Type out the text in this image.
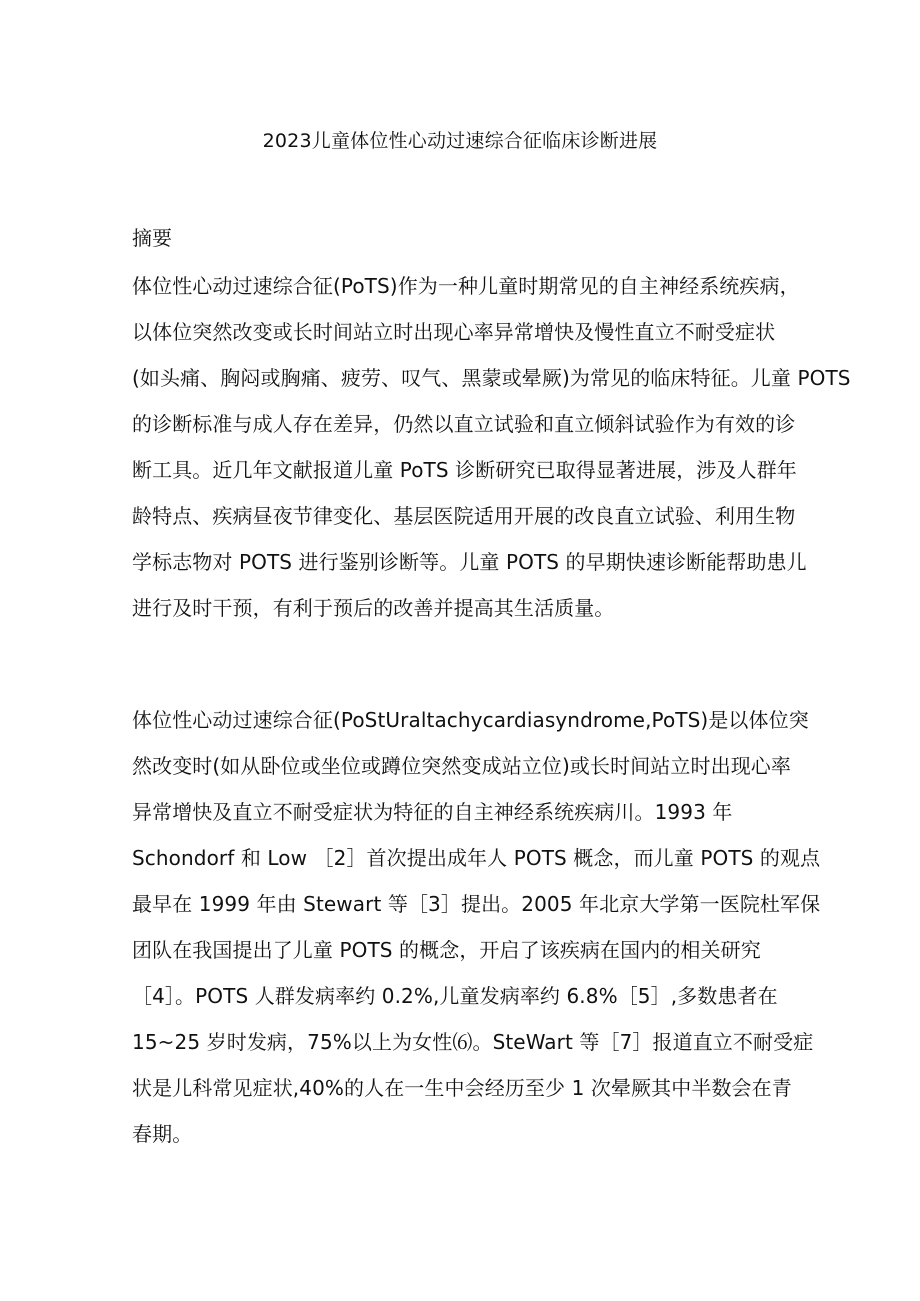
2023儿童体位性心动过速综合征临床诊断进展
摘要
体位性心动过速综合征(PoTS)作为一种儿童时期常见的自主神经系统疾病，
以体位突然改变或长时间站立时出现心率异常增快及慢性直立不耐受症状
(如头痛、胸闷或胸痛、疲劳、叹气、黑蒙或晕厥)为常见的临床特征。儿童 POTS
的诊断标准与成人存在差异，仍然以直立试验和直立倾斜试验作为有效的诊
断工具。近几年文献报道儿童 PoTS 诊断研究已取得显著进展，涉及人群年
龄特点、疾病昼夜节律变化、基层医院适用开展的改良直立试验、利用生物
学标志物对 POTS 进行鉴别诊断等。儿童 POTS 的早期快速诊断能帮助患儿
进行及时干预，有利于预后的改善并提高其生活质量。
体位性心动过速综合征(PoStUraltachycardiasyndrome,PoTS)是以体位突
然改变时(如从卧位或坐位或蹲位突然变成站立位)或长时间站立时出现心率
异常增快及直立不耐受症状为特征的自主神经系统疾病川。1993 年
Schondorf 和 Low ［2］首次提出成年人 POTS 概念，而儿童 POTS 的观点
最早在 1999 年由 Stewart 等［3］提出。2005 年北京大学第一医院杜军保
团队在我国提出了儿童 POTS 的概念，开启了该疾病在国内的相关研究
［4］。POTS 人群发病率约 0.2%,儿童发病率约 6.8%［5］,多数患者在
15~25 岁时发病，75%以上为女性⑹。SteWart 等［7］报道直立不耐受症
状是儿科常见症状,40%的人在一生中会经历至少 1 次晕厥其中半数会在青
春期。
